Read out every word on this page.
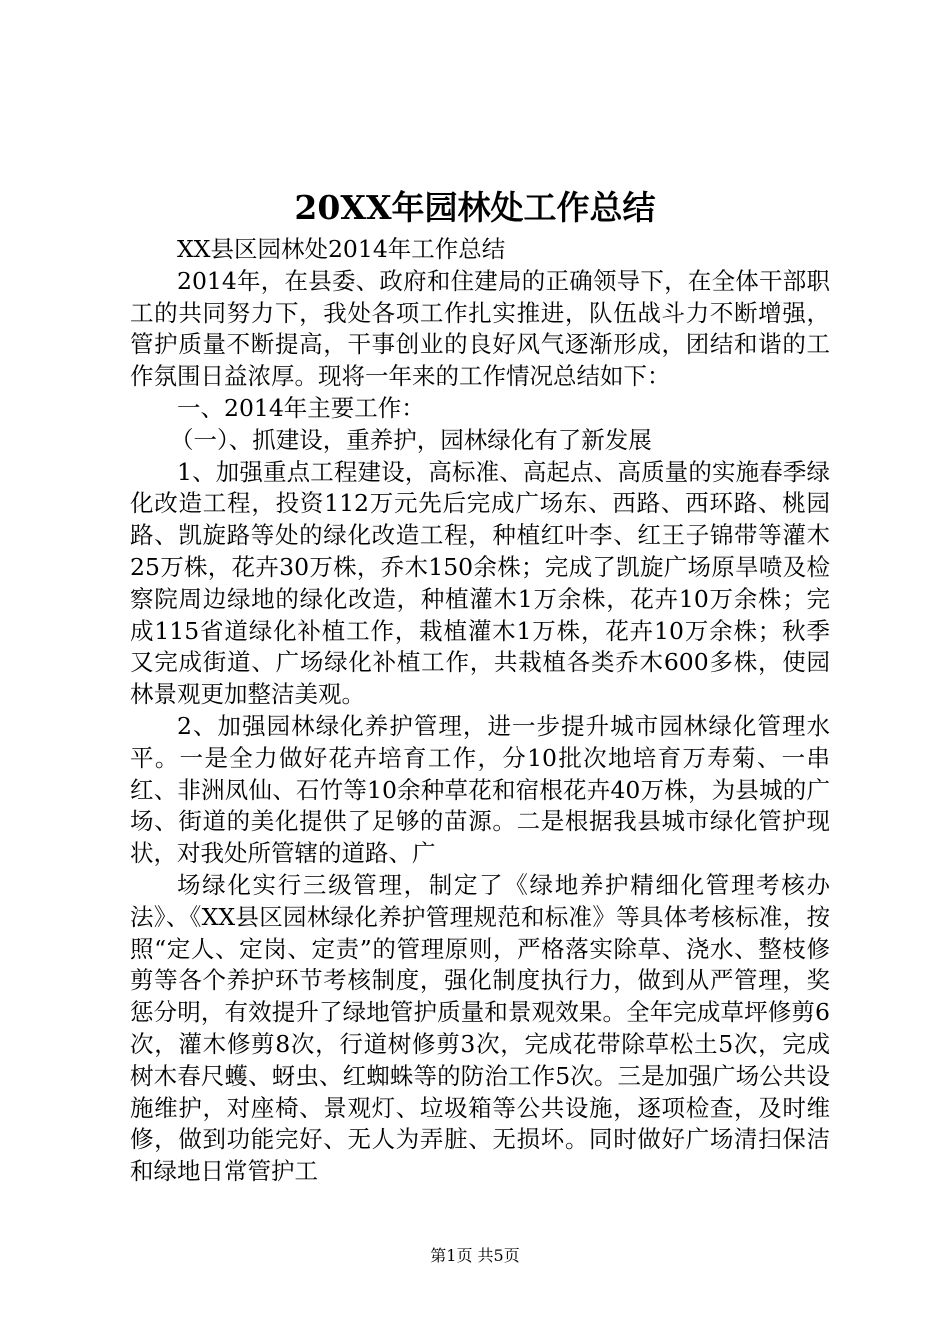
20XX年园林处工作总结

XX县区园林处2014年工作总结

2014年，在县委、政府和住建局的正确领导下，在全体干部职工的共同努力下，我处各项工作扎实推进，队伍战斗力不断增强，管护质量不断提高，干事创业的良好风气逐渐形成，团结和谐的工作氛围日益浓厚。现将一年来的工作情况总结如下：

一、2014年主要工作：

（一）、抓建设，重养护，园林绿化有了新发展

1、加强重点工程建设，高标准、高起点、高质量的实施春季绿化改造工程，投资112万元先后完成广场东、西路、西环路、桃园路、凯旋路等处的绿化改造工程，种植红叶李、红王子锦带等灌木25万株，花卉30万株，乔木150余株；完成了凯旋广场原旱喷及检察院周边绿地的绿化改造，种植灌木1万余株，花卉10万余株；完成115省道绿化补植工作，栽植灌木1万株，花卉10万余株；秋季又完成街道、广场绿化补植工作，共栽植各类乔木600多株，使园林景观更加整洁美观。

2、加强园林绿化养护管理，进一步提升城市园林绿化管理水平。一是全力做好花卉培育工作，分10批次地培育万寿菊、一串红、非洲凤仙、石竹等10余种草花和宿根花卉40万株，为县城的广场、街道的美化提供了足够的苗源。二是根据我县城市绿化管护现状，对我处所管辖的道路、广

场绿化实行三级管理，制定了《绿地养护精细化管理考核办法》、《XX县区园林绿化养护管理规范和标准》等具体考核标准，按照“定人、定岗、定责”的管理原则，严格落实除草、浇水、整枝修剪等各个养护环节考核制度，强化制度执行力，做到从严管理，奖惩分明，有效提升了绿地管护质量和景观效果。全年完成草坪修剪6次，灌木修剪8次，行道树修剪3次，完成花带除草松土5次，完成树木春尺蠖、蚜虫、红蜘蛛等的防治工作5次。三是加强广场公共设施维护，对座椅、景观灯、垃圾箱等公共设施，逐项检查，及时维修，做到功能完好、无人为弄脏、无损坏。同时做好广场清扫保洁和绿地日常管护工

第1页 共5页
